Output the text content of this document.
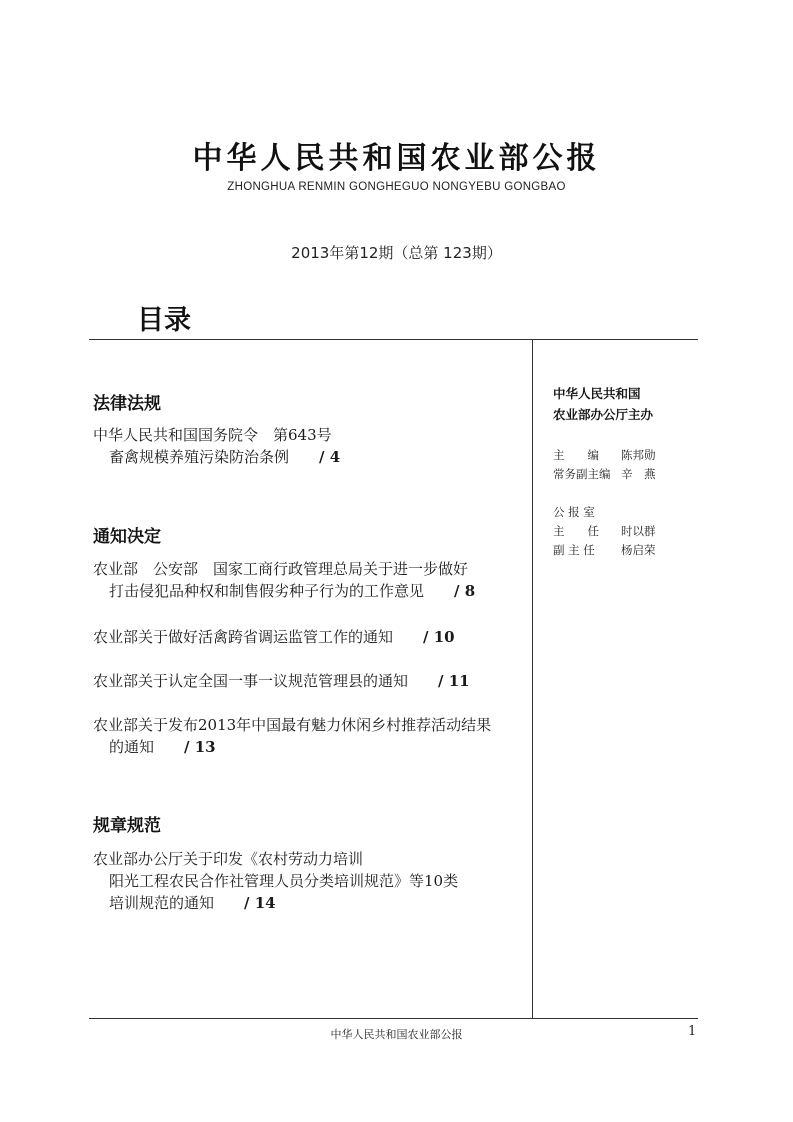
中华人民共和国农业部公报
ZHONGHUA RENMIN GONGHEGUO NONGYEBU GONGBAO
2013年第12期（总第 123期）
目录
法律法规
中华人民共和国国务院令　第643号
畜禽规模养殖污染防治条例 / 4
通知决定
农业部　公安部　国家工商行政管理总局关于进一步做好
打击侵犯品种权和制售假劣种子行为的工作意见 / 8
农业部关于做好活禽跨省调运监管工作的通知 / 10
农业部关于认定全国一事一议规范管理县的通知 / 11
农业部关于发布2013年中国最有魅力休闲乡村推荐活动结果
的通知 / 13
规章规范
农业部办公厅关于印发《农村劳动力培训
阳光工程农民合作社管理人员分类培训规范》等10类
培训规范的通知 / 14
中华人民共和国
农业部办公厅主办
主　　编	陈邦勋
常务副主编 辛　燕
公 报 室
主　　任	时以群
副 主 任	杨启荣
中华人民共和国农业部公报	1
